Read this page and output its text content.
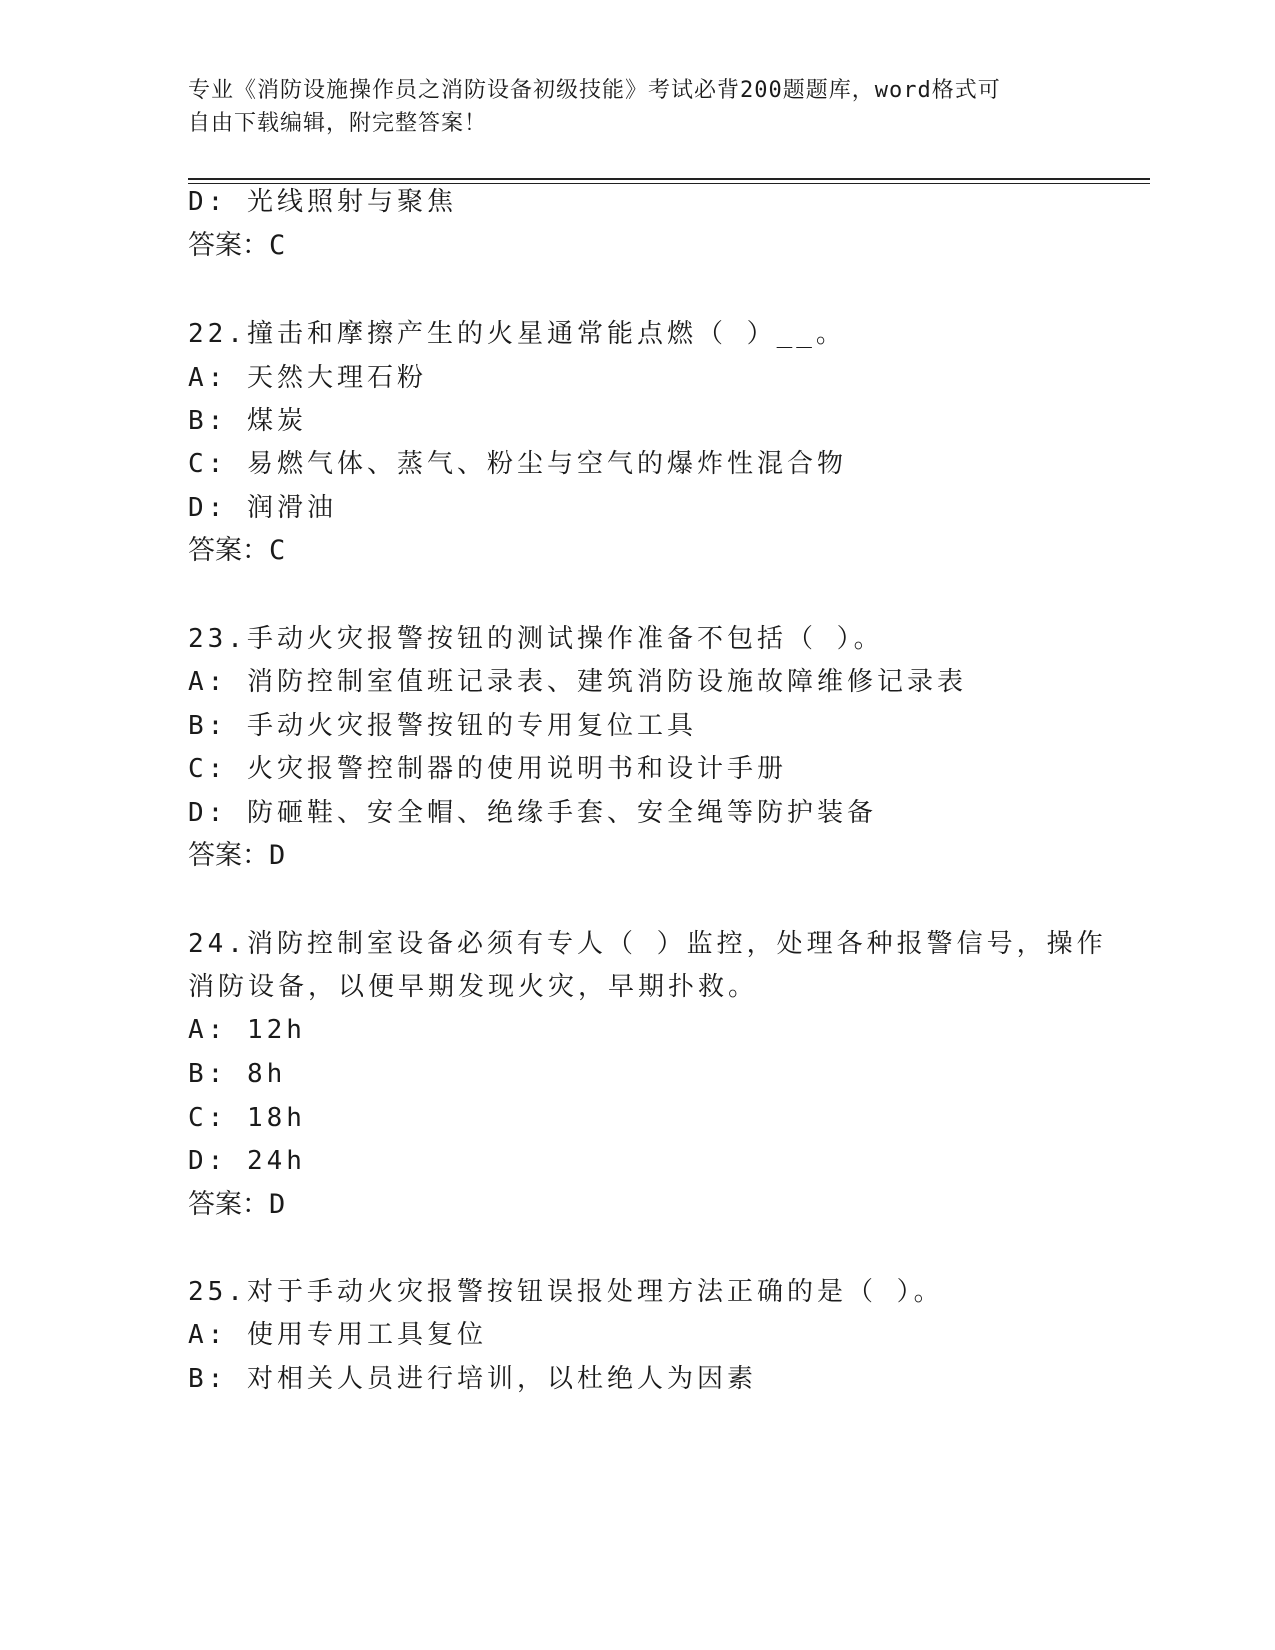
专业《消防设施操作员之消防设备初级技能》考试必背200题题库，word格式可
自由下载编辑，附完整答案！
D: 光线照射与聚焦
答案：C
22.撞击和摩擦产生的火星通常能点燃（ ）__。
A: 天然大理石粉
B: 煤炭
C: 易燃气体、蒸气、粉尘与空气的爆炸性混合物
D: 润滑油
答案：C
23.手动火灾报警按钮的测试操作准备不包括（ ）。
A: 消防控制室值班记录表、建筑消防设施故障维修记录表
B: 手动火灾报警按钮的专用复位工具
C: 火灾报警控制器的使用说明书和设计手册
D: 防砸鞋、安全帽、绝缘手套、安全绳等防护装备
答案：D
24.消防控制室设备必须有专人（ ）监控，处理各种报警信号，操作
消防设备，以便早期发现火灾，早期扑救。
A: 12h
B: 8h
C: 18h
D: 24h
答案：D
25.对于手动火灾报警按钮误报处理方法正确的是（ ）。
A: 使用专用工具复位
B: 对相关人员进行培训，以杜绝人为因素
